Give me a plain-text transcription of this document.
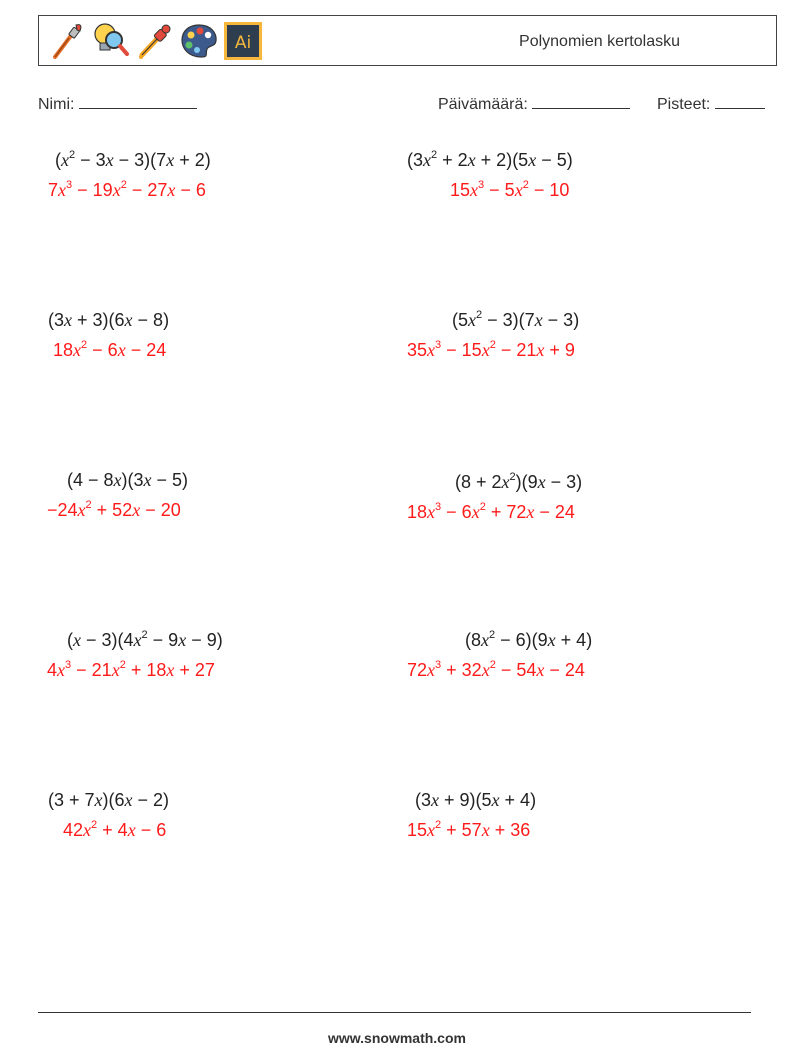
Ai	Polynomien kertolasku
Nimi:	Päivämäärä:	Pisteet:
$(x^2 - 3x - 3)(7x + 2)$
$7x^3 - 19x^2 - 27x - 6$
$(3x^2 + 2x + 2)(5x - 5)$
$15x^3 - 5x^2 - 10$
(3x + 3)(6x − 8)
$18x^2 - 6x - 24$
$(5x^2 - 3)(7x - 3)$
$35x^3 - 15x^2 - 21x + 9$
(4 − 8x)(3x − 5)
$-24x^2 + 52x - 20$
$(8 + 2x^2)(9x - 3)$
$18x^3 - 6x^2 + 72x - 24$
$(x - 3)(4x^2 - 9x - 9)$
$4x^3 - 21x^2 + 18x + 27$
$(8x^2 - 6)(9x + 4)$
$72x^3 + 32x^2 - 54x - 24$
(3 + 7x)(6x − 2)
$42x^2 + 4x - 6$
(3x + 9)(5x + 4)
$15x^2 + 57x + 36$
www.snowmath.com
